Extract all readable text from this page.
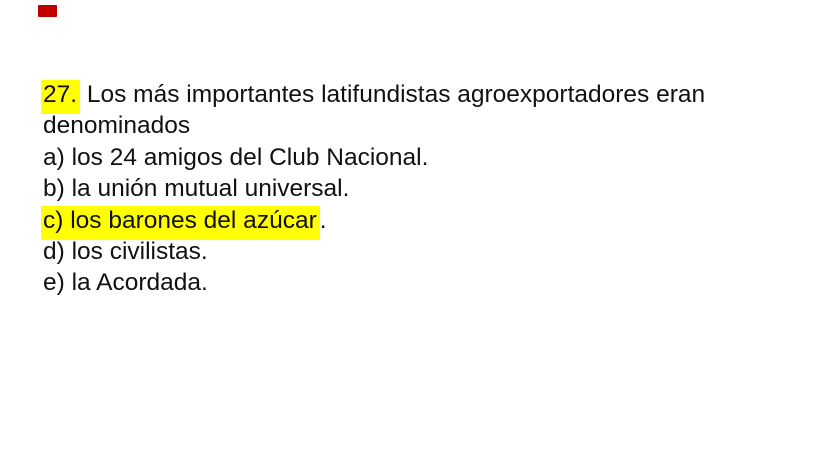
27. Los más importantes latifundistas agroexportadores eran denominados
a) los 24 amigos del Club Nacional.
b) la unión mutual universal.
c) los barones del azúcar .
d) los civilistas.
e) la Acordada.
